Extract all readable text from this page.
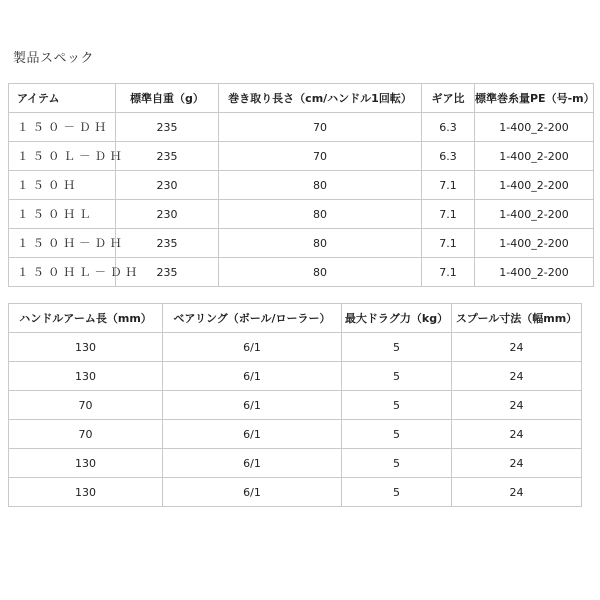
製品スペック
アイテム	標準自重（g）	巻き取り長さ（cm/ハンドル1回転）	ギア比	標準巻糸量PE（号-m）
１５０－ＤＨ	235	70	6.3	1-400_2-200
１５０Ｌ－ＤＨ	235	70	6.3	1-400_2-200
１５０Ｈ	230	80	7.1	1-400_2-200
１５０ＨＬ	230	80	7.1	1-400_2-200
１５０Ｈ－ＤＨ	235	80	7.1	1-400_2-200
１５０ＨＬ－ＤＨ	235	80	7.1	1-400_2-200
ハンドルアーム長（mm）	ベアリング（ボール/ローラー）	最大ドラグ力（kg）	スプール寸法（幅mm）
130	6/1	5	24
130	6/1	5	24
70	6/1	5	24
70	6/1	5	24
130	6/1	5	24
130	6/1	5	24
